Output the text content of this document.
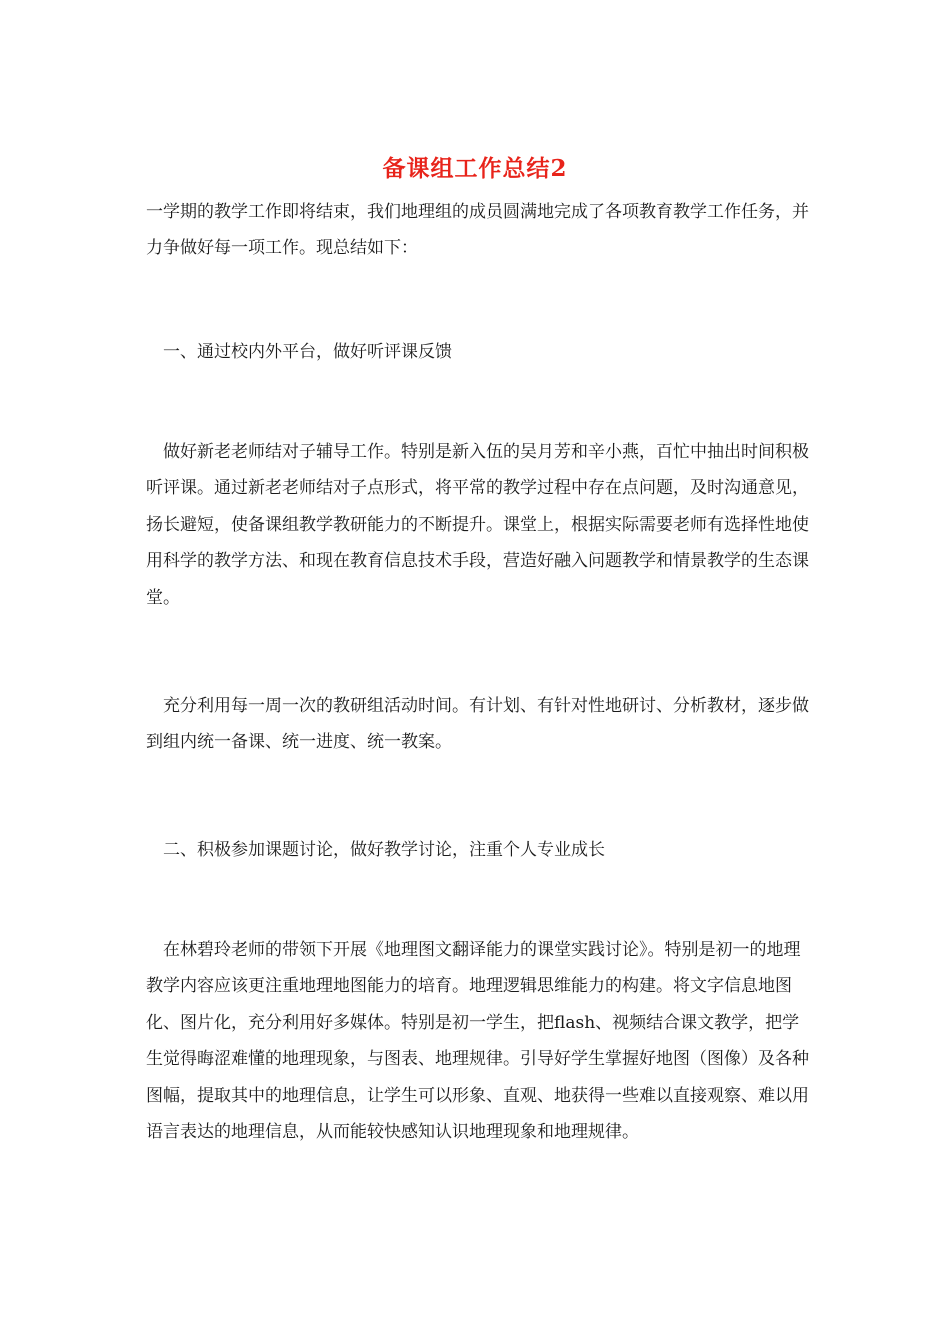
备课组工作总结2
一学期的教学工作即将结束，我们地理组的成员圆满地完成了各项教育教学工作任务，并力争做好每一项工作。现总结如下：
一、通过校内外平台，做好听评课反馈
做好新老老师结对子辅导工作。特别是新入伍的吴月芳和辛小燕，百忙中抽出时间积极听评课。通过新老老师结对子点形式，将平常的教学过程中存在点问题，及时沟通意见，扬长避短，使备课组教学教研能力的不断提升。课堂上，根据实际需要老师有选择性地使用科学的教学方法、和现在教育信息技术手段，营造好融入问题教学和情景教学的生态课堂。
充分利用每一周一次的教研组活动时间。有计划、有针对性地研讨、分析教材，逐步做到组内统一备课、统一进度、统一教案。
二、积极参加课题讨论，做好教学讨论，注重个人专业成长
在林碧玲老师的带领下开展《地理图文翻译能力的课堂实践讨论》。特别是初一的地理教学内容应该更注重地理地图能力的培育。地理逻辑思维能力的构建。将文字信息地图化、图片化，充分利用好多媒体。特别是初一学生，把flash、视频结合课文教学，把学生觉得晦涩难懂的地理现象，与图表、地理规律。引导好学生掌握好地图（图像）及各种图幅，提取其中的地理信息，让学生可以形象、直观、地获得一些难以直接观察、难以用语言表达的地理信息，从而能较快感知认识地理现象和地理规律。
